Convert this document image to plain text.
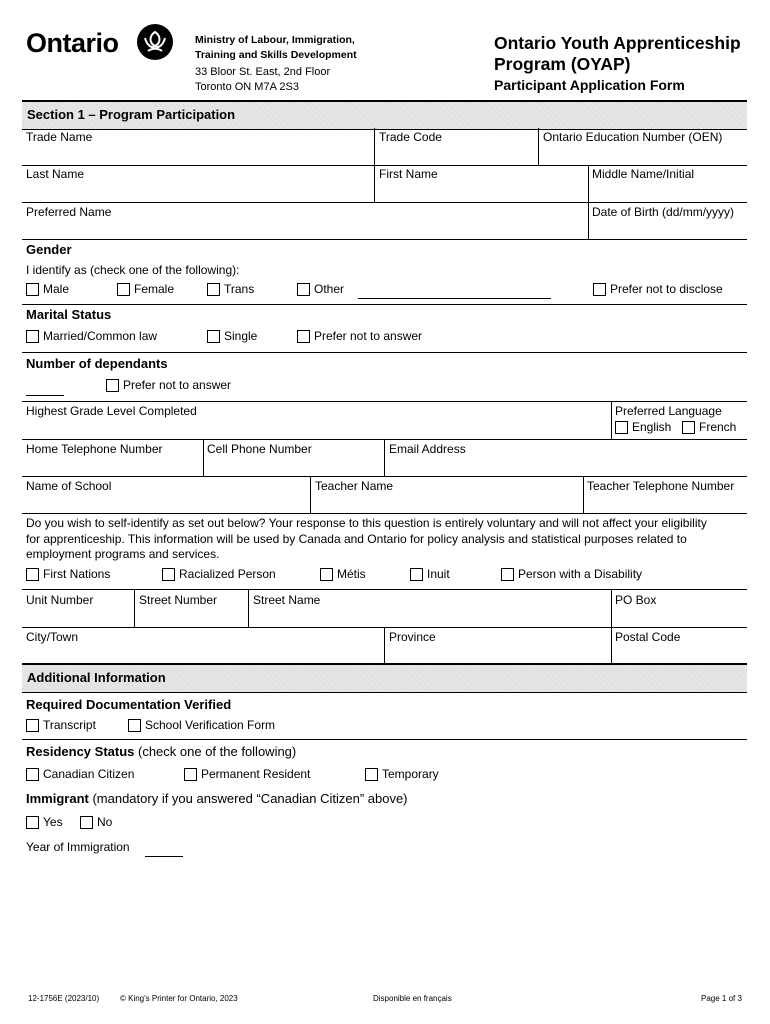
Ontario	Ministry of Labour, Immigration,
Training and Skills Development
33 Bloor St. East, 2nd Floor
Toronto ON M7A 2S3
Ontario Youth Apprenticeship
Program (OYAP)
Participant Application Form
Section 1 – Program Participation
Trade Name	Trade Code	Ontario Education Number (OEN)
Last Name	First Name	Middle Name/Initial
Preferred Name	Date of Birth (dd/mm/yyyy)
Gender
I identify as (check one of the following):
Male	Female	Trans	Other	Prefer not to disclose
Marital Status
Married/Common law	Single	Prefer not to answer
Number of dependants
Prefer not to answer
Highest Grade Level Completed	Preferred Language
English French
Home Telephone Number	Cell Phone Number	Email Address
Name of School	Teacher Name	Teacher Telephone Number
Do you wish to self-identify as set out below? Your response to this question is entirely voluntary and will not affect your eligibility
for apprenticeship. This information will be used by Canada and Ontario for policy analysis and statistical purposes related to
employment programs and services.
First Nations	Racialized Person	Métis	Inuit	Person with a Disability
Unit Number	Street Number	Street Name	PO Box
City/Town	Province	Postal Code
Additional Information
Required Documentation Verified
Transcript	School Verification Form
Residency Status (check one of the following)
Canadian Citizen	Permanent Resident	Temporary
Immigrant (mandatory if you answered “Canadian Citizen” above)
Yes	No
Year of Immigration
12-1756E (2023/10)	© King's Printer for Ontario, 2023	Disponible en français	Page 1 of 3
